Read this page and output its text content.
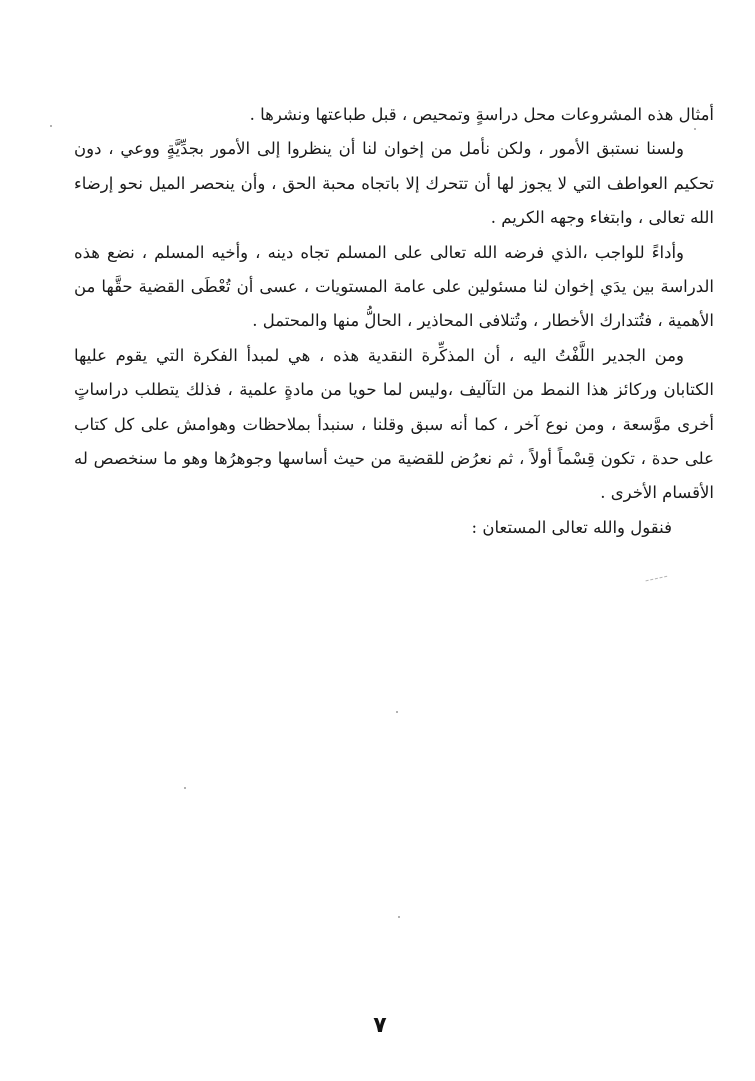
أمثال هذه المشروعات محل دراسةٍ وتمحيص ، قبل طباعتها ونشرها .

ولسنا نستبق الأمور ، ولكن نأمل من إخوان لنا أن ينظروا إلى الأمور بجدِّيَّةٍ ووعي ، دون تحكيم العواطف التي لا يجوز لها أن تتحرك إلا باتجاه محبة الحق ، وأن ينحصر الميل نحو إرضاء الله تعالى ، وابتغاء وجهه الكريم .

وأداءً للواجب ،الذي فرضه الله تعالى على المسلم تجاه دينه ، وأخيه المسلم ، نضع هذه الدراسة بين يدَي إخوان لنا مسئولين على عامة المستويات ، عسى أن تُعْطَى القضية حقَّها من الأهمية ، فتُتدارك الأخطار ، وتُتلافى المحاذير ، الحالُّ منها والمحتمل .

ومن الجدير اللَّفْتُ اليه ، أن المذكِّرة النقدية هذه ، هي لمبدأ الفكرة التي يقوم عليها الكتابان وركائز هذا النمط من التآليف ،وليس لما حويا من مادةٍ علمية ، فذلك يتطلب دراساتٍ أخرى موَّسعة ، ومن نوع آخر ، كما أنه سبق وقلنا ، سنبدأ بملاحظات وهوامش على كل كتاب على حدة ، تكون قِسْماً أولاً ، ثم نعرُض للقضية من حيث أساسها وجوهرُها وهو ما سنخصص له الأقسام الأخرى .

فنقول والله تعالى المستعان :

٧
